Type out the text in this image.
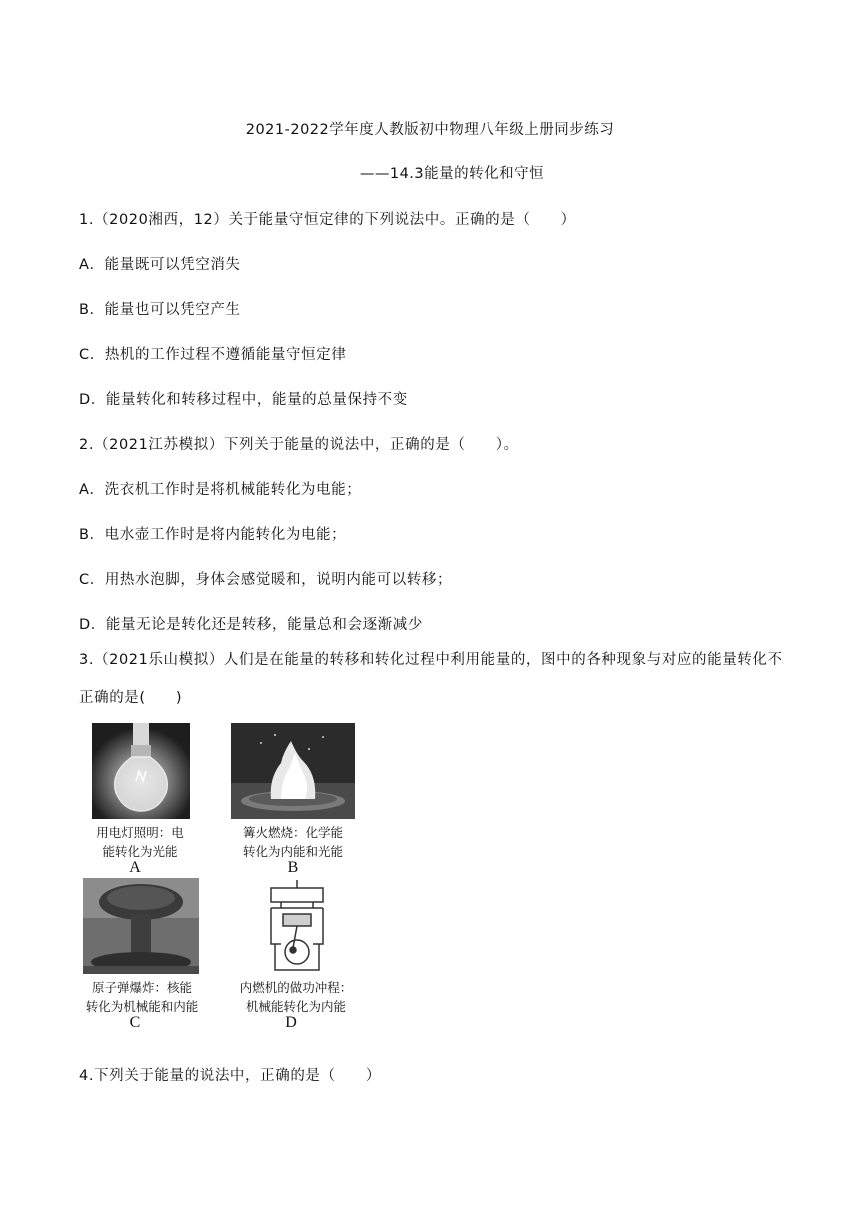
2021-2022学年度人教版初中物理八年级上册同步练习
——14.3能量的转化和守恒
1.（2020湘西，12）关于能量守恒定律的下列说法中。正确的是（　　）
A．能量既可以凭空消失
B．能量也可以凭空产生
C．热机的工作过程不遵循能量守恒定律
D．能量转化和转移过程中，能量的总量保持不变
2.（2021江苏模拟）下列关于能量的说法中，正确的是（　　）。
A．洗衣机工作时是将机械能转化为电能；
B．电水壶工作时是将内能转化为电能；
C．用热水泡脚，身体会感觉暖和，说明内能可以转移；
D．能量无论是转化还是转移，能量总和会逐渐减少
3.（2021乐山模拟）人们是在能量的转移和转化过程中利用能量的，图中的各种现象与对应的能量转化不
正确的是(　　)
用电灯照明：电
能转化为光能
A
篝火燃烧：化学能
转化为内能和光能
B
原子弹爆炸：核能
转化为机械能和内能
C
内燃机的做功冲程：
机械能转化为内能
D
4.下列关于能量的说法中，正确的是（　　）
